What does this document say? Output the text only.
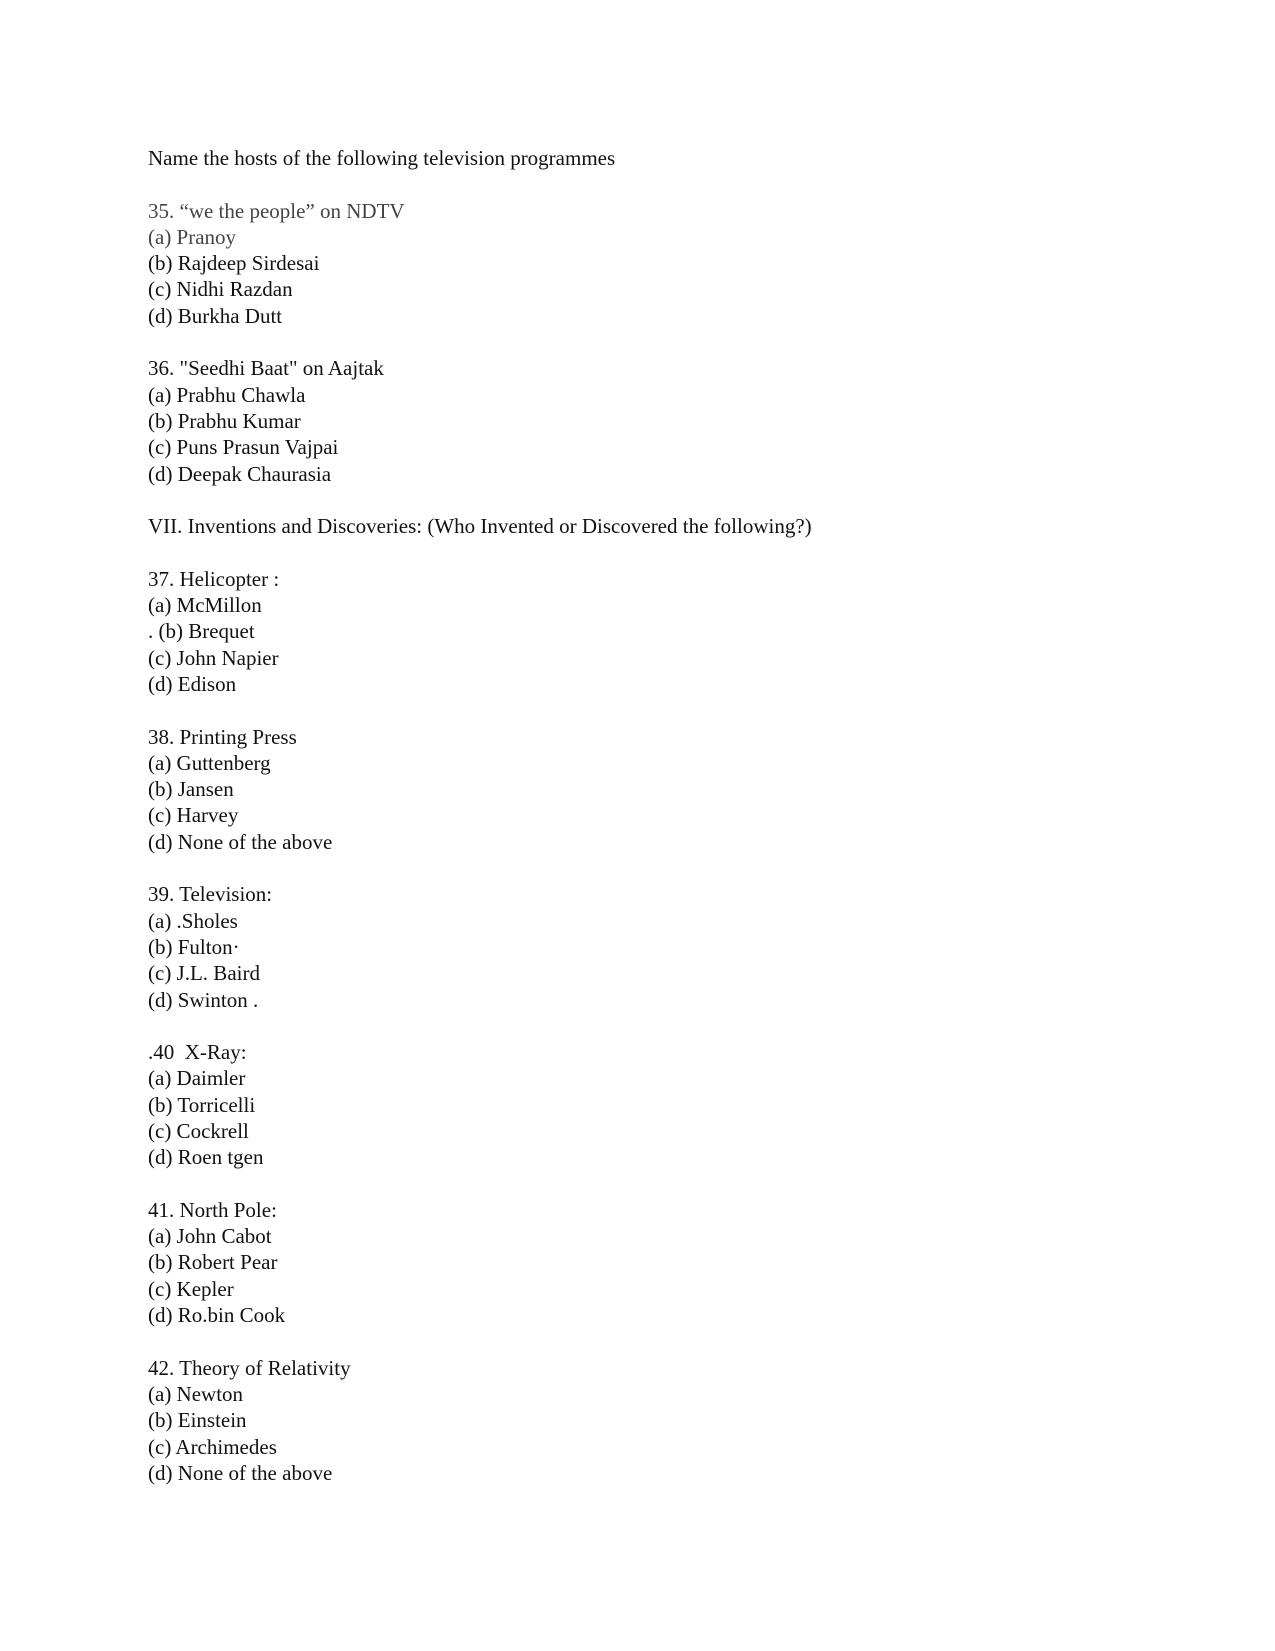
Name the hosts of the following television programmes
35. “we the people” on NDTV
(a) Pranoy
(b) Rajdeep Sirdesai
(c) Nidhi Razdan
(d) Burkha Dutt
36. "Seedhi Baat" on Aajtak
(a) Prabhu Chawla
(b) Prabhu Kumar
(c) Puns Prasun Vajpai
(d) Deepak Chaurasia
VII. Inventions and Discoveries: (Who Invented or Discovered the following?)
37. Helicopter :
(a) McMillon
. (b) Brequet
(c) John Napier
(d) Edison
38. Printing Press
(a) Guttenberg
(b) Jansen
(c) Harvey
(d) None of the above
39. Television:
(a) .Sholes
(b) Fulton·
(c) J.L. Baird
(d) Swinton .
.40  X-Ray:
(a) Daimler
(b) Torricelli
(c) Cockrell
(d) Roen tgen
41. North Pole:
(a) John Cabot
(b) Robert Pear
(c) Kepler
(d) Ro.bin Cook
42. Theory of Relativity
(a) Newton
(b) Einstein
(c) Archimedes
(d) None of the above
